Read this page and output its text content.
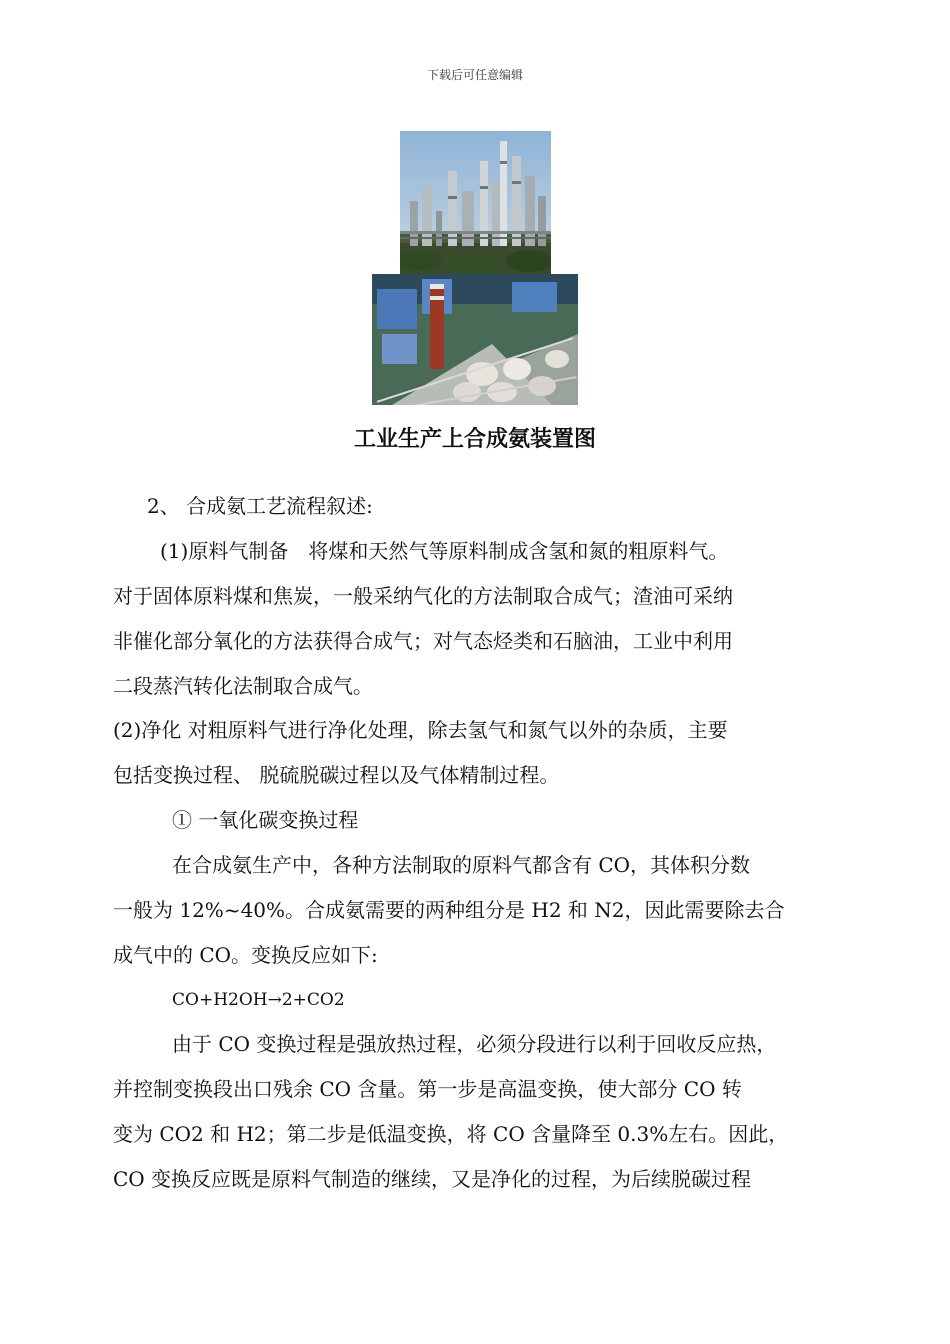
下载后可任意编辑
工业生产上合成氨装置图
2、 合成氨工艺流程叙述:
(1)原料气制备　将煤和天然气等原料制成含氢和氮的粗原料气。
对于固体原料煤和焦炭，一般采纳气化的方法制取合成气；渣油可采纳
非催化部分氧化的方法获得合成气；对气态烃类和石脑油，工业中利用
二段蒸汽转化法制取合成气。
(2)净化 对粗原料气进行净化处理，除去氢气和氮气以外的杂质，主要
包括变换过程、 脱硫脱碳过程以及气体精制过程。
① 一氧化碳变换过程
在合成氨生产中，各种方法制取的原料气都含有 CO，其体积分数
一般为 12%~40%。合成氨需要的两种组分是 H2 和 N2，因此需要除去合
成气中的 CO。变换反应如下:
CO+H2OH→2+CO2
由于 CO 变换过程是强放热过程，必须分段进行以利于回收反应热，
并控制变换段出口残余 CO 含量。第一步是高温变换，使大部分 CO 转
变为 CO2 和 H2；第二步是低温变换，将 CO 含量降至 0.3%左右。因此，
CO 变换反应既是原料气制造的继续，又是净化的过程，为后续脱碳过程
